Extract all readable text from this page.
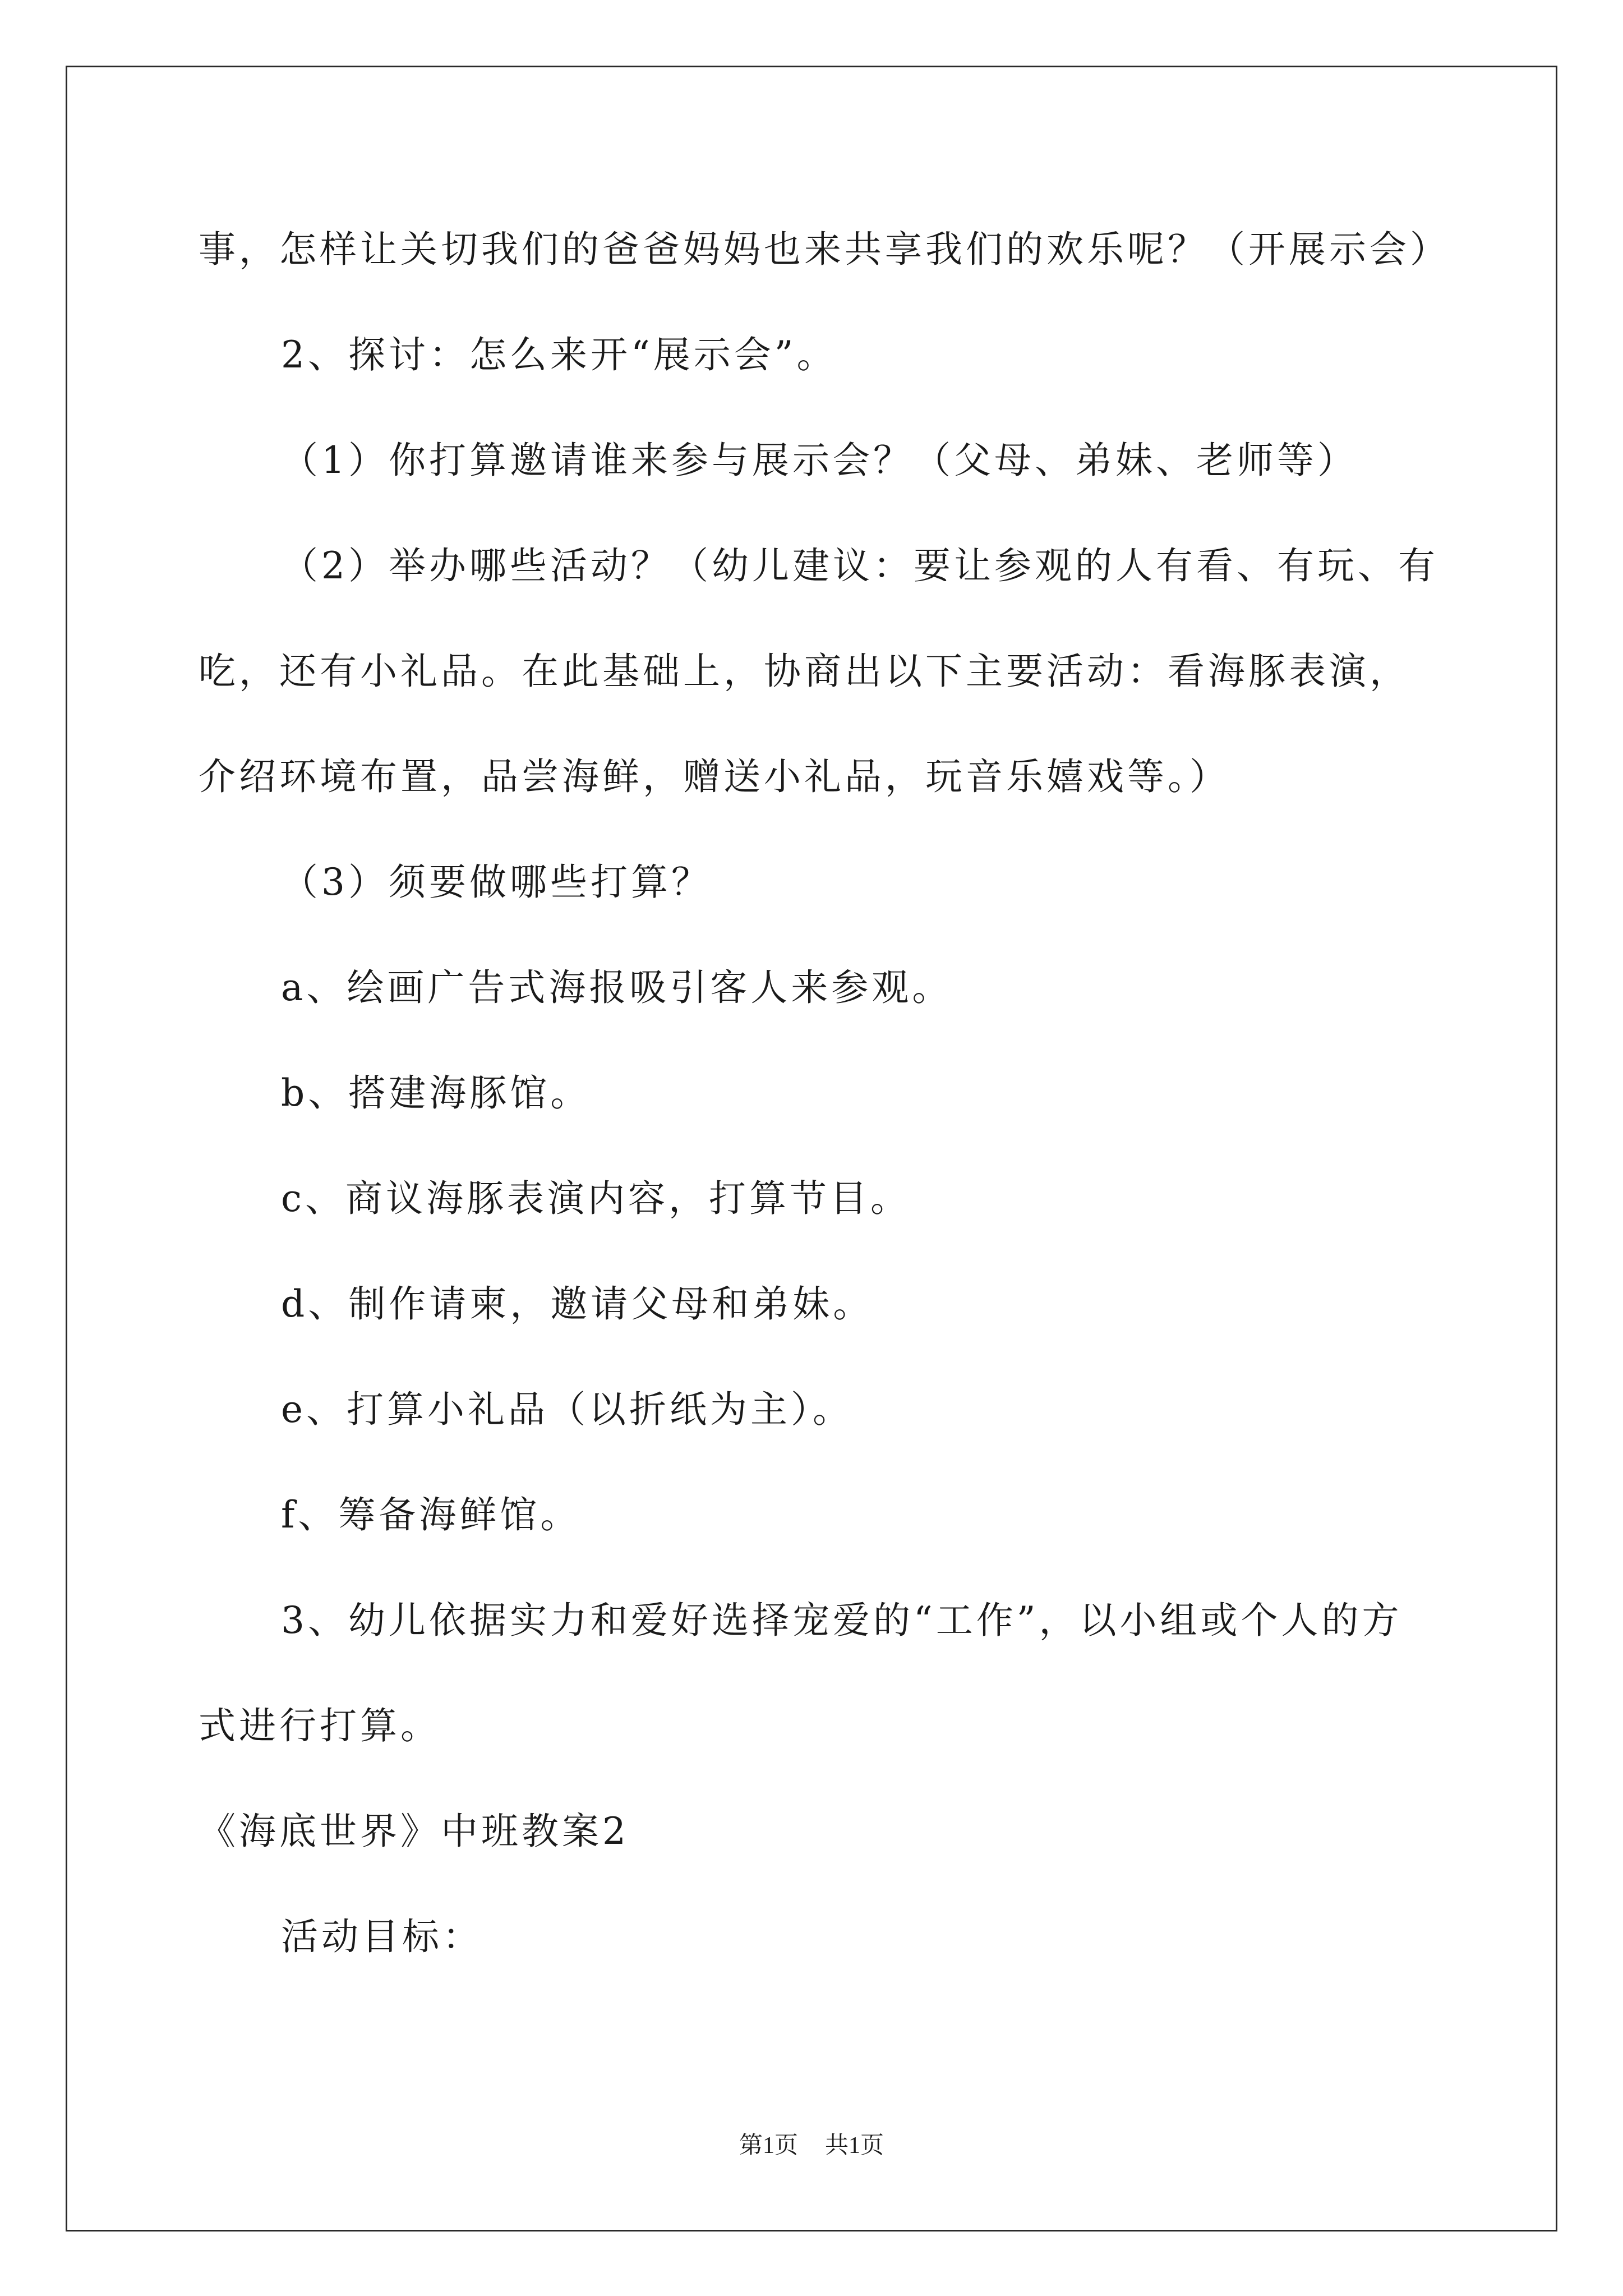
事，怎样让关切我们的爸爸妈妈也来共享我们的欢乐呢？（开展示会）
2、探讨：怎么来开“展示会”。
（1）你打算邀请谁来参与展示会？（父母、弟妹、老师等）
（2）举办哪些活动？（幼儿建议：要让参观的人有看、有玩、有
吃，还有小礼品。在此基础上，协商出以下主要活动：看海豚表演，
介绍环境布置，品尝海鲜，赠送小礼品，玩音乐嬉戏等。）
（3）须要做哪些打算？
a、绘画广告式海报吸引客人来参观。
b、搭建海豚馆。
c、商议海豚表演内容，打算节目。
d、制作请柬，邀请父母和弟妹。
e、打算小礼品（以折纸为主）。
f、筹备海鲜馆。
3、幼儿依据实力和爱好选择宠爱的“工作”，以小组或个人的方
式进行打算。
《海底世界》中班教案2
活动目标：
第1页 共1页
